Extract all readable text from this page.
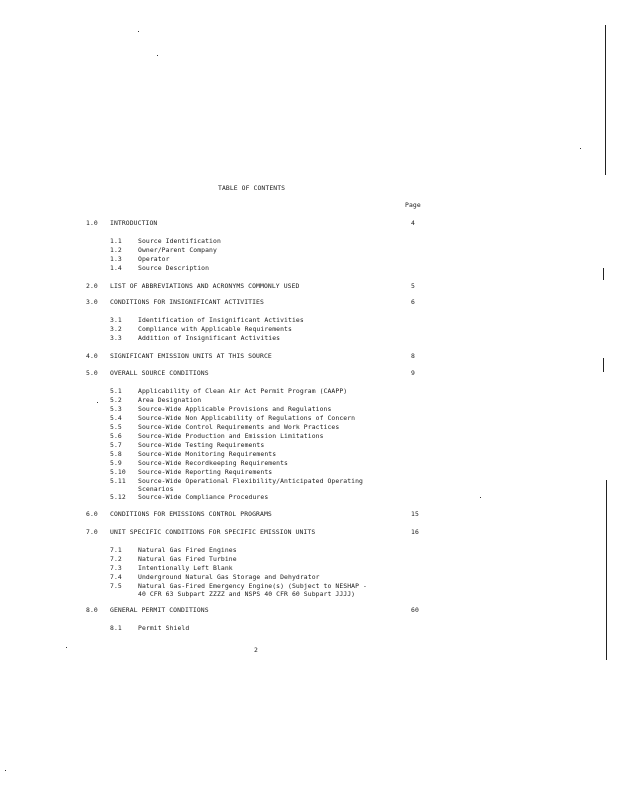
TABLE OF CONTENTS
Page
1.0 INTRODUCTION	4
1.1	Source Identification
1.2	Owner/Parent Company
1.3	Operator
1.4	Source Description
2.0 LIST OF ABBREVIATIONS AND ACRONYMS COMMONLY USED	5
3.0 CONDITIONS FOR INSIGNIFICANT ACTIVITIES	6
3.1	Identification of Insignificant Activities
3.2	Compliance with Applicable Requirements
3.3	Addition of Insignificant Activities
4.0 SIGNIFICANT EMISSION UNITS AT THIS SOURCE	8
5.0 OVERALL SOURCE CONDITIONS	9
5.1	Applicability of Clean Air Act Permit Program (CAAPP)
5.2	Area Designation
5.3	Source-Wide Applicable Provisions and Regulations
5.4	Source-Wide Non Applicability of Regulations of Concern
5.5	Source-Wide Control Requirements and Work Practices
5.6	Source-Wide Production and Emission Limitations
5.7	Source-Wide Testing Requirements
5.8	Source-Wide Monitoring Requirements
5.9	Source-Wide Recordkeeping Requirements
5.10 Source-Wide Reporting Requirements
5.11 Source-Wide Operational Flexibility/Anticipated Operating
Scenarios
5.12 Source-Wide Compliance Procedures
6.0 CONDITIONS FOR EMISSIONS CONTROL PROGRAMS	15
7.0 UNIT SPECIFIC CONDITIONS FOR SPECIFIC EMISSION UNITS	16
7.1	Natural Gas Fired Engines
7.2	Natural Gas Fired Turbine
7.3	Intentionally Left Blank
7.4	Underground Natural Gas Storage and Dehydrator
7.5	Natural Gas-Fired Emergency Engine(s) (Subject to NESHAP -
40 CFR 63 Subpart ZZZZ and NSPS 40 CFR 60 Subpart JJJJ)
8.0 GENERAL PERMIT CONDITIONS	60
8.1	Permit Shield
2
